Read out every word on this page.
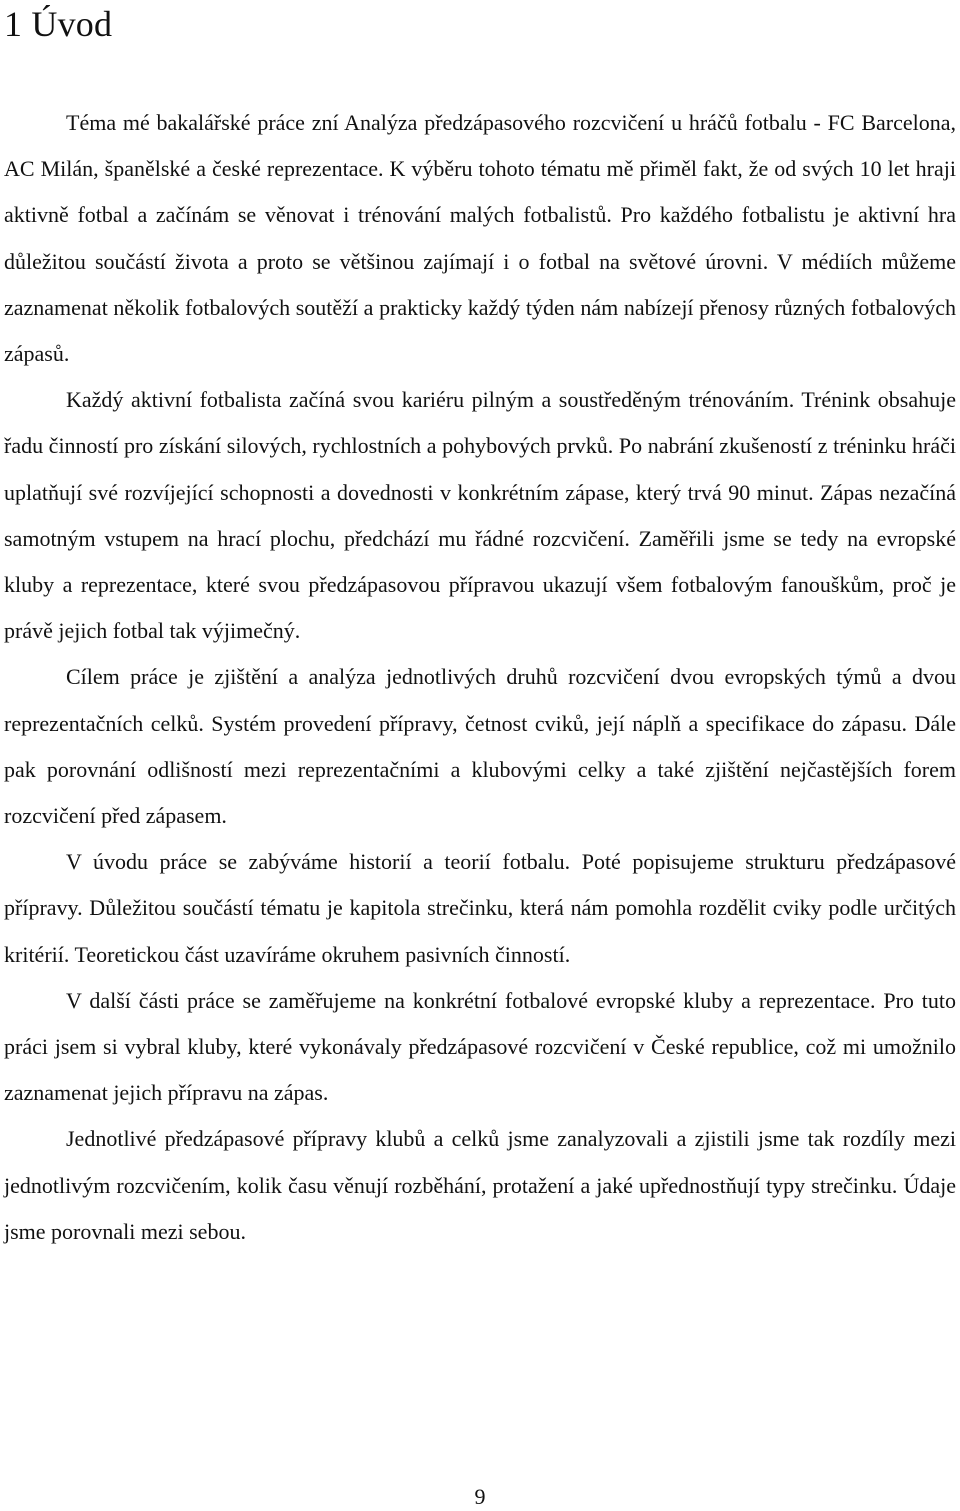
1 Úvod

Téma mé bakalářské práce zní Analýza předzápasového rozcvičení u hráčů fotbalu - FC Barcelona, AC Milán, španělské a české reprezentace. K výběru tohoto tématu mě přiměl fakt, že od svých 10 let hraji aktivně fotbal a začínám se věnovat i trénování malých fotbalistů. Pro každého fotbalistu je aktivní hra důležitou součástí života a proto se většinou zajímají i o fotbal na světové úrovni. V médiích můžeme zaznamenat několik fotbalových soutěží a prakticky každý týden nám nabízejí přenosy různých fotbalových zápasů.

Každý aktivní fotbalista začíná svou kariéru pilným a soustředěným trénováním. Trénink obsahuje řadu činností pro získání silových, rychlostních a pohybových prvků. Po nabrání zkušeností z tréninku hráči uplatňují své rozvíjející schopnosti a dovednosti v konkrétním zápase, který trvá 90 minut. Zápas nezačíná samotným vstupem na hrací plochu, předchází mu řádné rozcvičení. Zaměřili jsme se tedy na evropské kluby a reprezentace, které svou předzápasovou přípravou ukazují všem fotbalovým fanouškům, proč je právě jejich fotbal tak výjimečný.

Cílem práce je zjištění a analýza jednotlivých druhů rozcvičení dvou evropských týmů a dvou reprezentačních celků. Systém provedení přípravy, četnost cviků, její náplň a specifikace do zápasu. Dále pak porovnání odlišností mezi reprezentačními a klubovými celky a také zjištění nejčastějších forem rozcvičení před zápasem.

V úvodu práce se zabýváme historií a teorií fotbalu. Poté popisujeme strukturu předzápasové přípravy. Důležitou součástí tématu je kapitola strečinku, která nám pomohla rozdělit cviky podle určitých kritérií. Teoretickou část uzavíráme okruhem pasivních činností.

V další části práce se zaměřujeme na konkrétní fotbalové evropské kluby a reprezentace. Pro tuto práci jsem si vybral kluby, které vykonávaly předzápasové rozcvičení v České republice, což mi umožnilo zaznamenat jejich přípravu na zápas.

Jednotlivé předzápasové přípravy klubů a celků jsme zanalyzovali a zjistili jsme tak rozdíly mezi jednotlivým rozcvičením, kolik času věnují rozběhání, protažení a jaké upřednostňují typy strečinku. Údaje jsme porovnali mezi sebou.

9
